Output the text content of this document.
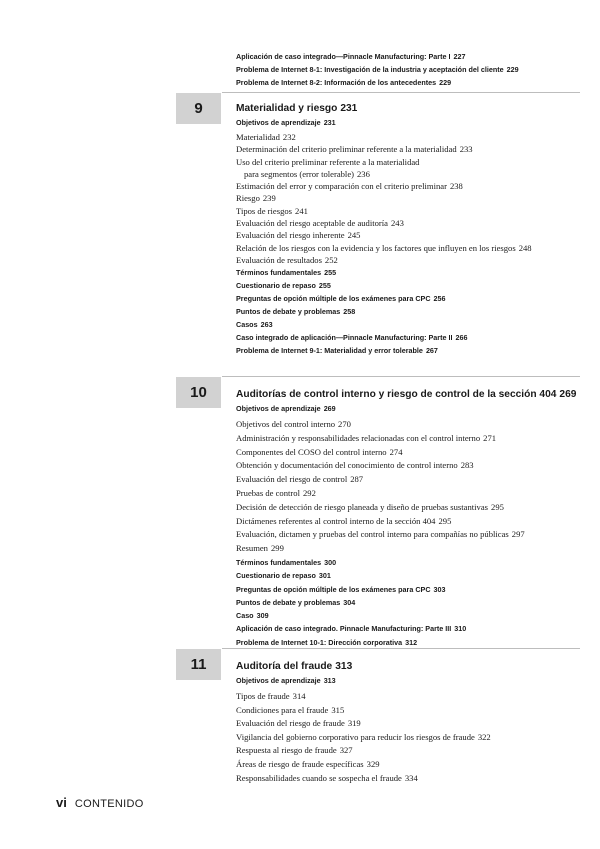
Aplicación de caso integrado—Pinnacle Manufacturing: Parte I 227
Problema de Internet 8-1: Investigación de la industria y aceptación del cliente 229
Problema de Internet 8-2: Información de los antecedentes 229
9	Materialidad y riesgo 231
Objetivos de aprendizaje 231
Materialidad 232
Determinación del criterio preliminar referente a la materialidad 233
Uso del criterio preliminar referente a la materialidad
para segmentos (error tolerable) 236
Estimación del error y comparación con el criterio preliminar 238
Riesgo 239
Tipos de riesgos 241
Evaluación del riesgo aceptable de auditoría 243
Evaluación del riesgo inherente 245
Relación de los riesgos con la evidencia y los factores que influyen en los riesgos 248
Evaluación de resultados 252
Términos fundamentales 255
Cuestionario de repaso 255
Preguntas de opción múltiple de los exámenes para CPC 256
Puntos de debate y problemas 258
Casos 263
Caso integrado de aplicación—Pinnacle Manufacturing: Parte II 266
Problema de Internet 9-1: Materialidad y error tolerable 267
10	Auditorías de control interno y riesgo de control de la sección 404 269
Objetivos de aprendizaje 269
Objetivos del control interno 270
Administración y responsabilidades relacionadas con el control interno 271
Componentes del COSO del control interno 274
Obtención y documentación del conocimiento de control interno 283
Evaluación del riesgo de control 287
Pruebas de control 292
Decisión de detección de riesgo planeada y diseño de pruebas sustantivas 295
Dictámenes referentes al control interno de la sección 404 295
Evaluación, dictamen y pruebas del control interno para compañías no públicas 297
Resumen 299
Términos fundamentales 300
Cuestionario de repaso 301
Preguntas de opción múltiple de los exámenes para CPC 303
Puntos de debate y problemas 304
Caso 309
Aplicación de caso integrado. Pinnacle Manufacturing: Parte III 310
Problema de Internet 10-1: Dirección corporativa 312
11	Auditoría del fraude 313
Objetivos de aprendizaje 313
Tipos de fraude 314
Condiciones para el fraude 315
Evaluación del riesgo de fraude 319
Vigilancia del gobierno corporativo para reducir los riesgos de fraude 322
Respuesta al riesgo de fraude 327
Áreas de riesgo de fraude específicas 329
Responsabilidades cuando se sospecha el fraude 334
vi CONTENIDO
